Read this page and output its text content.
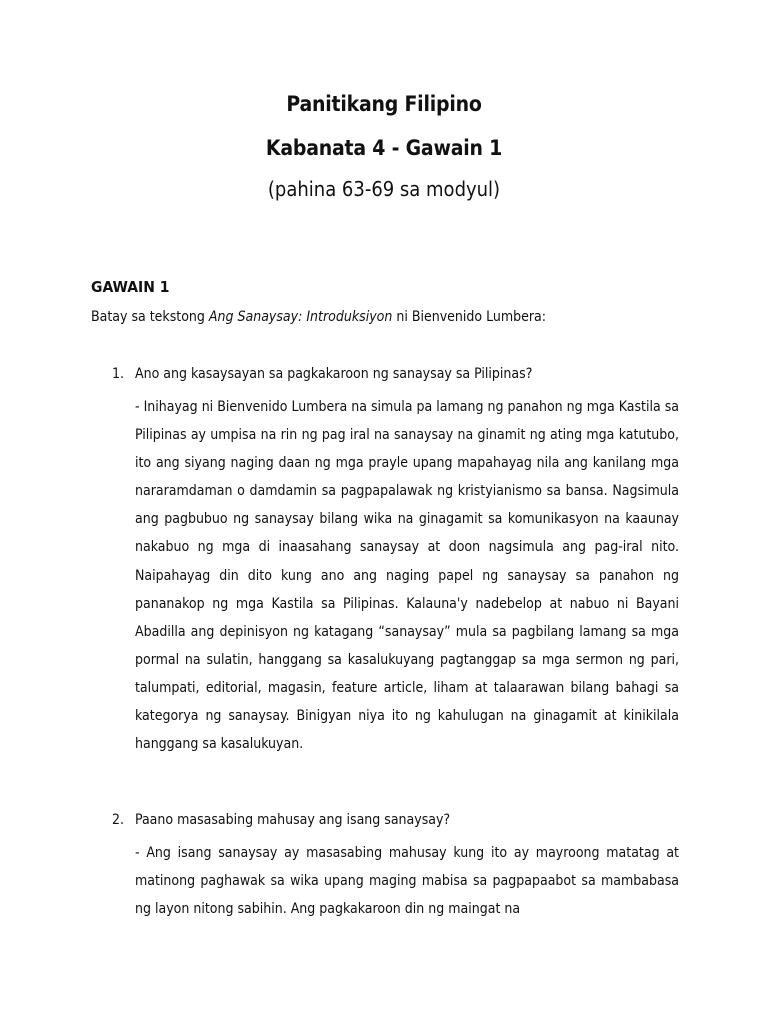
Panitikang Filipino
Kabanata 4 - Gawain 1
(pahina 63-69 sa modyul)
GAWAIN 1
Batay sa tekstong Ang Sanaysay: Introduksiyon ni Bienvenido Lumbera:
1. Ano ang kasaysayan sa pagkakaroon ng sanaysay sa Pilipinas?

- Inihayag ni Bienvenido Lumbera na simula pa lamang ng panahon ng mga Kastila sa Pilipinas ay umpisa na rin ng pag iral na sanaysay na ginamit ng ating mga katutubo, ito ang siyang naging daan ng mga prayle upang mapahayag nila ang kanilang mga nararamdaman o damdamin sa pagpapalawak ng kristyianismo sa bansa. Nagsimula ang pagbubuo ng sanaysay bilang wika na ginagamit sa komunikasyon na kaaunay nakabuo ng mga di inaasahang sanaysay at doon nagsimula ang pag-iral nito. Naipahayag din dito kung ano ang naging papel ng sanaysay sa panahon ng pananakop ng mga Kastila sa Pilipinas. Kalauna'y nadebelop at nabuo ni Bayani Abadilla ang depinisyon ng katagang “sanaysay” mula sa pagbilang lamang sa mga pormal na sulatin, hanggang sa kasalukuyang pagtanggap sa mga sermon ng pari, talumpati, editorial, magasin, feature article, liham at talaarawan bilang bahagi sa kategorya ng sanaysay. Binigyan niya ito ng kahulugan na ginagamit at kinikilala hanggang sa kasalukuyan.

2. Paano masasabing mahusay ang isang sanaysay?

- Ang isang sanaysay ay masasabing mahusay kung ito ay mayroong matatag at matinong paghawak sa wika upang maging mabisa sa pagpapaabot sa mambabasa ng layon nitong sabihin. Ang pagkakaroon din ng maingat na
